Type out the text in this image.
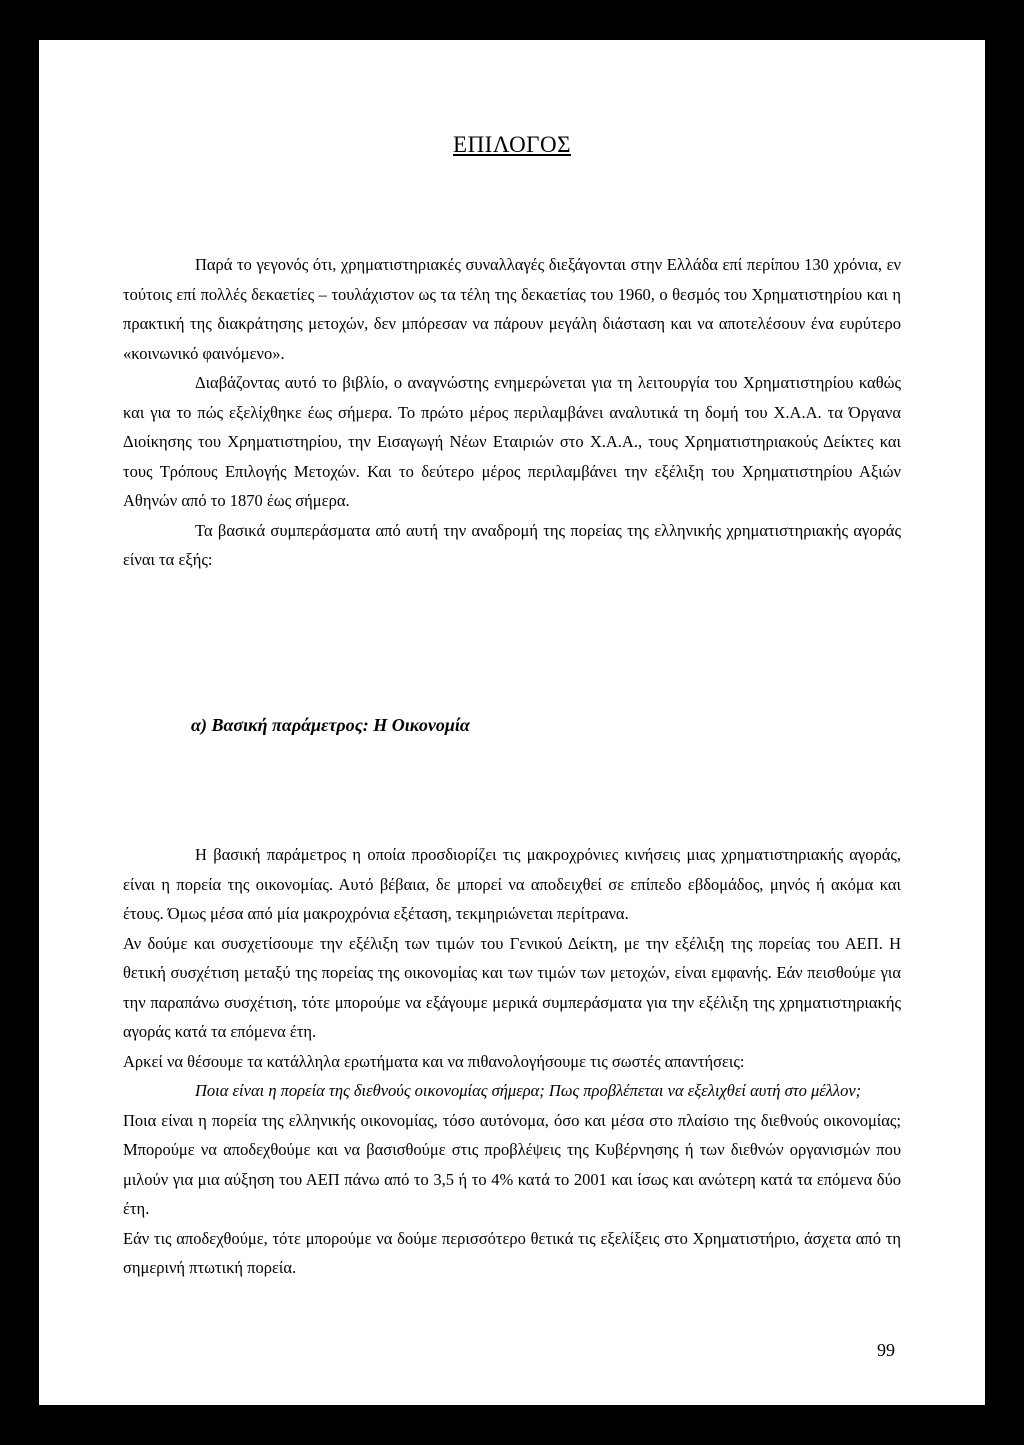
ΕΠΙΛΟΓΟΣ

Παρά το γεγονός ότι, χρηματιστηριακές συναλλαγές διεξάγονται στην Ελλάδα επί περίπου 130 χρόνια, εν τούτοις επί πολλές δεκαετίες – τουλάχιστον ως τα τέλη της δεκαετίας του 1960, ο θεσμός του Χρηματιστηρίου και η πρακτική της διακράτησης μετοχών, δεν μπόρεσαν να πάρουν μεγάλη διάσταση και να αποτελέσουν ένα ευρύτερο «κοινωνικό φαινόμενο».

Διαβάζοντας αυτό το βιβλίο, ο αναγνώστης ενημερώνεται για τη λειτουργία του Χρηματιστηρίου καθώς και για το πώς εξελίχθηκε έως σήμερα. Το πρώτο μέρος περιλαμβάνει αναλυτικά τη δομή του Χ.Α.Α. τα Όργανα Διοίκησης του Χρηματιστηρίου, την Εισαγωγή Νέων Εταιριών στο Χ.Α.Α., τους Χρηματιστηριακούς Δείκτες και τους Τρόπους Επιλογής Μετοχών. Και το δεύτερο μέρος περιλαμβάνει την εξέλιξη του Χρηματιστηρίου Αξιών Αθηνών από το 1870 έως σήμερα.

Τα βασικά συμπεράσματα από αυτή την αναδρομή της πορείας της ελληνικής χρηματιστηριακής αγοράς είναι τα εξής:

α) Βασική παράμετρος: Η Οικονομία

Η βασική παράμετρος η οποία προσδιορίζει τις μακροχρόνιες κινήσεις μιας χρηματιστηριακής αγοράς, είναι η πορεία της οικονομίας. Αυτό βέβαια, δε μπορεί να αποδειχθεί σε επίπεδο εβδομάδος, μηνός ή ακόμα και έτους. Όμως μέσα από μία μακροχρόνια εξέταση, τεκμηριώνεται περίτρανα.

Αν δούμε και συσχετίσουμε την εξέλιξη των τιμών του Γενικού Δείκτη, με την εξέλιξη της πορείας του ΑΕΠ. Η θετική συσχέτιση μεταξύ της πορείας της οικονομίας και των τιμών των μετοχών, είναι εμφανής. Εάν πεισθούμε για την παραπάνω συσχέτιση, τότε μπορούμε να εξάγουμε μερικά συμπεράσματα για την εξέλιξη της χρηματιστηριακής αγοράς κατά τα επόμενα έτη.

Αρκεί να θέσουμε τα κατάλληλα ερωτήματα και να πιθανολογήσουμε τις σωστές απαντήσεις:

Ποια είναι η πορεία της διεθνούς οικονομίας σήμερα; Πως προβλέπεται να εξελιχθεί αυτή στο μέλλον;

Ποια είναι η πορεία της ελληνικής οικονομίας, τόσο αυτόνομα, όσο και μέσα στο πλαίσιο της διεθνούς οικονομίας; Μπορούμε να αποδεχθούμε και να βασισθούμε στις προβλέψεις της Κυβέρνησης ή των διεθνών οργανισμών που μιλούν για μια αύξηση του ΑΕΠ πάνω από το 3,5 ή το 4% κατά το 2001 και ίσως και ανώτερη κατά τα επόμενα δύο έτη.

Εάν τις αποδεχθούμε, τότε μπορούμε να δούμε περισσότερο θετικά τις εξελίξεις στο Χρηματιστήριο, άσχετα από τη σημερινή πτωτική πορεία.

99
